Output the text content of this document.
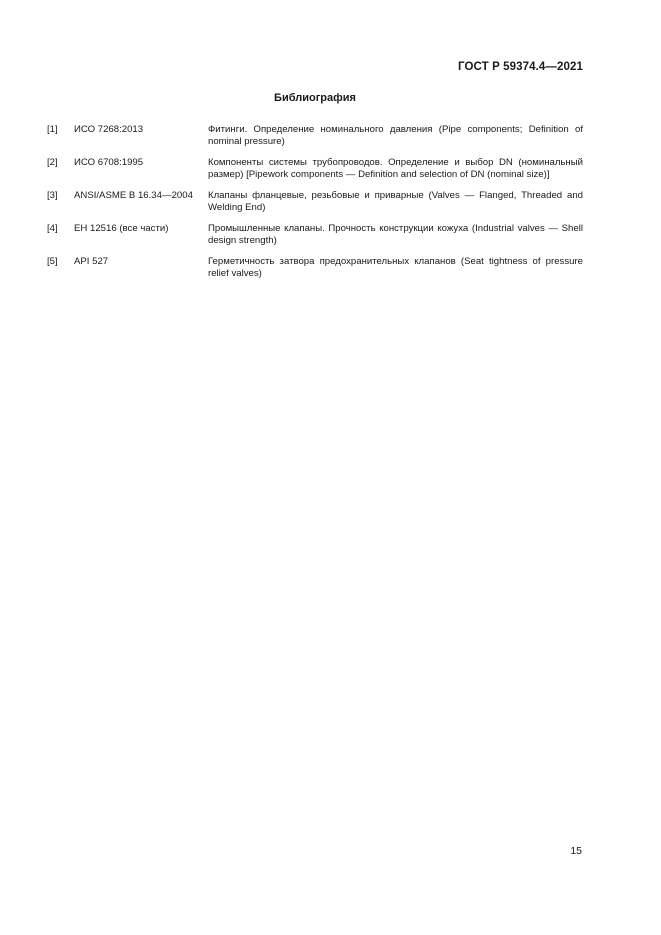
ГОСТ Р 59374.4—2021
Библиография
[1]	ИСО 7268:2013	Фитинги. Определение номинального давления (Pipe components; Definition of nominal pressure)
[2]	ИСО 6708:1995	Компоненты системы трубопроводов. Определение и выбор DN (номинальный размер) [Pipework components — Definition and selection of DN (nominal size)]
[3]	ANSI/ASME B 16.34—2004	Клапаны фланцевые, резьбовые и приварные (Valves — Flanged, Threaded and Welding End)
[4]	ЕН 12516 (все части)	Промышленные клапаны. Прочность конструкции кожуха (Industrial valves — Shell design strength)
[5]	API 527	Герметичность затвора предохранительных клапанов (Seat tightness of pressure relief valves)
15
